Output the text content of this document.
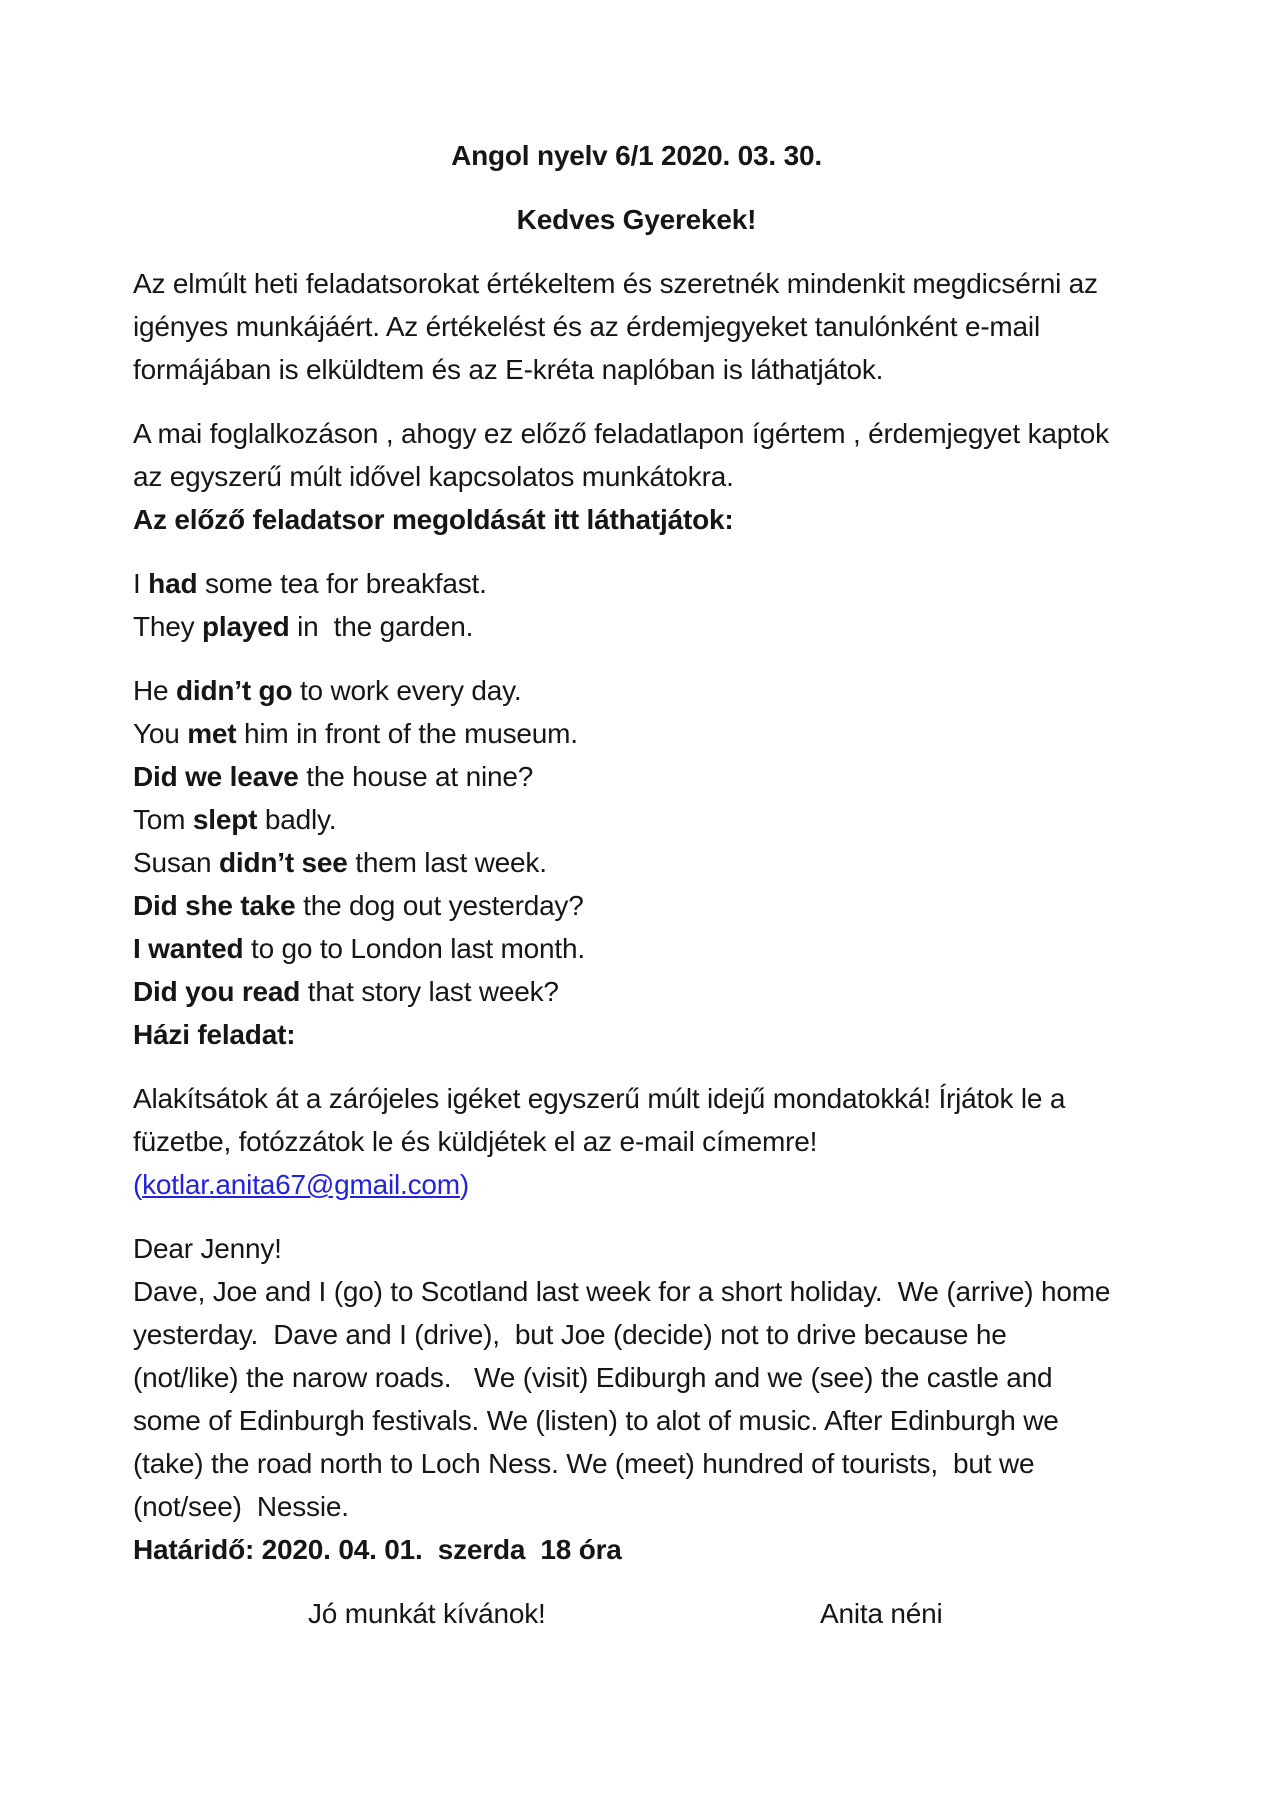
Angol nyelv 6/1 2020. 03. 30.
Kedves Gyerekek!
Az elmúlt heti feladatsorokat értékeltem és szeretnék mindenkit megdicsérni az
igényes munkájáért. Az értékelést és az érdemjegyeket tanulónként e-mail
formájában is elküldtem és az E-kréta naplóban is láthatjátok.
A mai foglalkozáson , ahogy ez előző feladatlapon ígértem , érdemjegyet kaptok
az egyszerű múlt idővel kapcsolatos munkátokra.
Az előző feladatsor megoldását itt láthatjátok:
I had some tea for breakfast.
They played in  the garden.
He didn’t go to work every day.
You met him in front of the museum.
Did we leave the house at nine?
Tom slept badly.
Susan didn’t see them last week.
Did she take the dog out yesterday?
I wanted to go to London last month.
Did you read that story last week?
Házi feladat:
Alakítsátok át a zárójeles igéket egyszerű múlt idejű mondatokká! Írjátok le a
füzetbe, fotózzátok le és küldjétek el az e-mail címemre!
(kotlar.anita67@gmail.com)
Dear Jenny!
Dave, Joe and I (go) to Scotland last week for a short holiday.  We (arrive) home
yesterday.  Dave and I (drive),  but Joe (decide) not to drive because he
(not/like) the narow roads.   We (visit) Ediburgh and we (see) the castle and
some of Edinburgh festivals. We (listen) to alot of music. After Edinburgh we
(take) the road north to Loch Ness. We (meet) hundred of tourists,  but we
(not/see)  Nessie.
Határidő: 2020. 04. 01.  szerda  18 óra
Jó munkát kívánok!	Anita néni
